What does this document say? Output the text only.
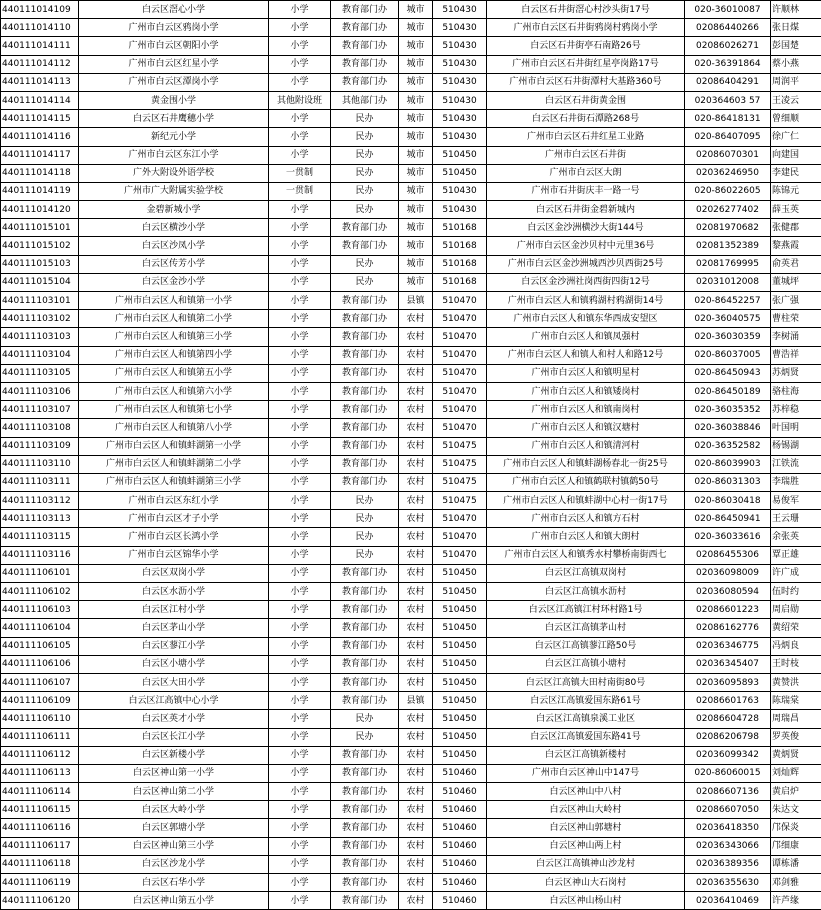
440111014109	白云区滘心小学	小学	教育部门办	城市	510430	白云区石井街滘心村沙头街17号	020-36010087	许顺林
440111014110	广州市白云区鸦岗小学	小学	教育部门办	城市	510430	广州市白云区石井街鸦岗村鸦岗小学	02086440266	张日煤
440111014111	广州市白云区朝阳小学	小学	教育部门办	城市	510430	白云区石井街亭石南路26号	02086026271	彭国楚
440111014112	广州市白云区红星小学	小学	教育部门办	城市	510430	广州市白云区石井街红星亭岗路17号	020-36391864	蔡小燕
440111014113	广州市白云区潭岗小学	小学	教育部门办	城市	510430	广州市白云区石井街潭村大基路360号	02086404291	周润平
440111014114	黄金围小学	其他附设班	其他部门办	城市	510430	白云区石井街黄金围	020364603 57	王凌云
440111014115	白云区石井鹰穗小学	小学	民办	城市	510430	白云区石井街石潭路268号	020-86418131	曾细顺
440111014116	新纪元小学	小学	民办	城市	510430	广州市白云区石井红星工业路	020-86407095	徐广仁
440111014117	广州市白云区东江小学	小学	民办	城市	510450	广州市白云区石井街	02086070301	向建国
440111014118	广外大附设外语学校	一贯制	民办	城市	510450	广州市白云区大朗	02036246950	李建民
440111014119	广州市广大附属实验学校	一贯制	民办	城市	510430	广州市石井街庆丰一路一号	020-86022605	陈锦元
440111014120	金碧新城小学	小学	民办	城市	510430	白云区石井街金碧新城内	02026277402	薛玉英
440111015101	白云区横沙小学	小学	教育部门办	城市	510168	白云区金沙洲横沙大街144号	02081970682	张健郡
440111015102	白云区沙凤小学	小学	教育部门办	城市	510168	广州市白云区金沙贝村中元里36号	02081352389	黎燕霞
440111015103	白云区传芳小学	小学	民办	城市	510168	广州市白云区金沙洲城西沙贝西街25号	02081769995	俞英君
440111015104	白云区金沙小学	小学	民办	城市	510168	白云区金沙洲社岗西街四街12号	02031012008	董城坪
440111103101	广州市白云区人和镇第一小学	小学	教育部门办	县镇	510470	广州市白云区人和镇鸦湖村鸦湖街14号	020-86452257	张广强
440111103102	广州市白云区人和镇第二小学	小学	教育部门办	农村	510470	广州市白云区人和镇东华西成安望区	020-36040575	曹柱荣
440111103103	广州市白云区人和镇第三小学	小学	教育部门办	农村	510470	广州市白云区人和镇凤强村	020-36030359	李树涌
440111103104	广州市白云区人和镇第四小学	小学	教育部门办	农村	510470	广州市白云区人和镇人和村人和路12号	020-86037005	曹浩祥
440111103105	广州市白云区人和镇第五小学	小学	教育部门办	农村	510470	广州市白云区人和镇明星村	020-86450943	苏炳贤
440111103106	广州市白云区人和镇第六小学	小学	教育部门办	农村	510470	广州市白云区人和镇矮岗村	020-86450189	骆柱海
440111103107	广州市白云区人和镇第七小学	小学	教育部门办	农村	510470	广州市白云区人和镇南岗村	020-36035352	苏梓稳
440111103108	广州市白云区人和镇第八小学	小学	教育部门办	农村	510470	广州市白云区人和镇汉塘村	020-36038846	叶国明
440111103109	广州市白云区人和镇蚌湖第一小学	小学	教育部门办	农村	510475	广州市白云区人和镇清河村	020-36352582	杨锡湖
440111103110	广州市白云区人和镇蚌湖第二小学	小学	教育部门办	农村	510475	广州市白云区人和镇蚌湖杨春北一街25号	020-86039903	江铁流
440111103111	广州市白云区人和镇蚌湖第三小学	小学	教育部门办	农村	510475	广州市白云区人和镇鹤联村镇鹤50号	020-86031303	李瑞胜
440111103112	广州市白云区东红小学	小学	民办	农村	510475	广州市白云区人和镇蚌湖中心村一街17号	020-86030418	易俊军
440111103113	广州市白云区才子小学	小学	民办	农村	510470	广州市白云区人和镇方石村	020-86450941	王云珊
440111103115	广州市白云区长鸿小学	小学	民办	农村	510470	广州市白云区人和镇大朗村	020-36033616	余张英
440111103116	广州市白云区锦华小学	小学	民办	农村	510470	广州市白云区人和镇秀水村攀桥南街西七	02086455306	覃正雄
440111106101	白云区双岗小学	小学	教育部门办	农村	510450	白云区江高镇双岗村	02036098009	许广成
440111106102	白云区水沥小学	小学	教育部门办	农村	510450	白云区江高镇水沥村	02036080594	伍时约
440111106103	白云区江村小学	小学	教育部门办	农村	510450	白云区江高镇江村环村路1号	02086601223	周启勋
440111106104	白云区茅山小学	小学	教育部门办	农村	510450	白云区江高镇茅山村	02086162776	黄绍荣
440111106105	白云区蓼江小学	小学	教育部门办	农村	510450	白云区江高镇蓼江路50号	02036346775	冯炳良
440111106106	白云区小塘小学	小学	教育部门办	农村	510450	白云区江高镇小塘村	02036345407	王时枝
440111106107	白云区大田小学	小学	教育部门办	农村	510450	白云区江高镇大田村南街80号	02036095893	黄赞洪
440111106109	白云区江高镇中心小学	小学	教育部门办	县镇	510450	白云区江高镇爱国东路61号	02086601763	陈瑞棠
440111106110	白云区英才小学	小学	民办	农村	510450	白云区江高镇泉溪工业区	02086604728	周瑞昌
440111106111	白云区长江小学	小学	民办	农村	510450	白云区江高镇爱国东路41号	02086206798	罗英俊
440111106112	白云区新楼小学	小学	教育部门办	农村	510450	白云区江高镇新楼村	02036099342	黄炳贤
440111106113	白云区神山第一小学	小学	教育部门办	农村	510460	广州市白云区神山中147号	020-86060015	刘灿辉
440111106114	白云区神山第二小学	小学	教育部门办	农村	510460	白云区神山中八村	02086607136	黄启炉
440111106115	白云区大岭小学	小学	教育部门办	农村	510460	白云区神山大岭村	02086607050	朱达文
440111106116	白云区郭塘小学	小学	教育部门办	农村	510460	白云区神山郭塘村	02036418350	邝保炎
440111106117	白云区神山第三小学	小学	教育部门办	农村	510460	白云区神山两上村	02036343066	邝细康
440111106118	白云区沙龙小学	小学	教育部门办	农村	510460	白云区江高镇神山沙龙村	02036389356	谭栋潘
440111106119	白云区石华小学	小学	教育部门办	农村	510460	白云区神山大石岗村	02036355630	邓剑雅
440111106120	白云区神山第五小学	小学	教育部门办	农村	510460	白云区神山杨山村	02036410469	许芦缘
